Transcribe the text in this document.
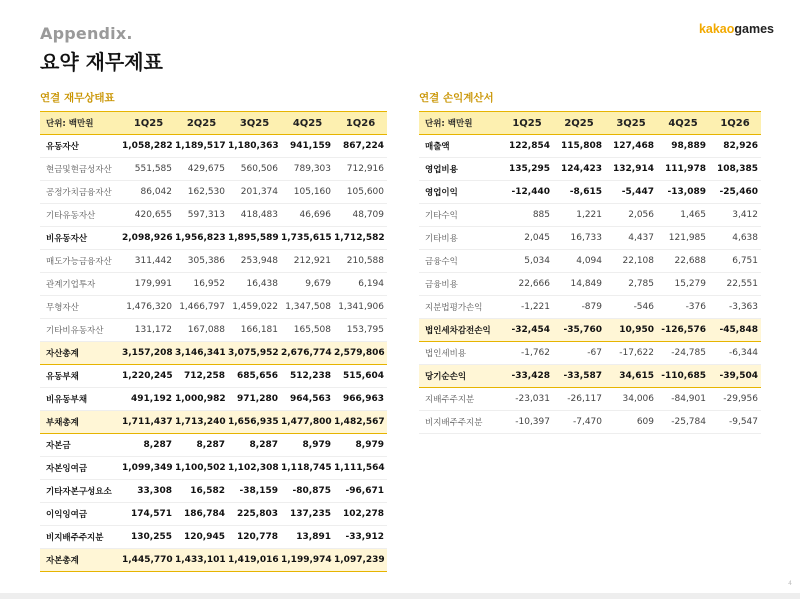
Appendix.
요약 재무제표
kakaogames
연결 재무상태표
단위: 백만원	1Q25	2Q25	3Q25	4Q25	1Q26
유동자산	1,058,282	1,189,517	1,180,363	941,159	867,224
현금및현금성자산	551,585	429,675	560,506	789,303	712,916
공정가치금융자산	86,042	162,530	201,374	105,160	105,600
기타유동자산	420,655	597,313	418,483	46,696	48,709
비유동자산	2,098,926	1,956,823	1,895,589	1,735,615	1,712,582
매도가능금융자산	311,442	305,386	253,948	212,921	210,588
관계기업투자	179,991	16,952	16,438	9,679	6,194
무형자산	1,476,320	1,466,797	1,459,022	1,347,508	1,341,906
기타비유동자산	131,172	167,088	166,181	165,508	153,795
자산총계	3,157,208	3,146,341	3,075,952	2,676,774	2,579,806
유동부채	1,220,245	712,258	685,656	512,238	515,604
비유동부채	491,192	1,000,982	971,280	964,563	966,963
부채총계	1,711,437	1,713,240	1,656,935	1,477,800	1,482,567
자본금	8,287	8,287	8,287	8,979	8,979
자본잉여금	1,099,349	1,100,502	1,102,308	1,118,745	1,111,564
기타자본구성요소	33,308	16,582	-38,159	-80,875	-96,671
이익잉여금	174,571	186,784	225,803	137,235	102,278
비지배주주지분	130,255	120,945	120,778	13,891	-33,912
자본총계	1,445,770	1,433,101	1,419,016	1,199,974	1,097,239
연결 손익계산서
단위: 백만원	1Q25	2Q25	3Q25	4Q25	1Q26
매출액	122,854	115,808	127,468	98,889	82,926
영업비용	135,295	124,423	132,914	111,978	108,385
영업이익	-12,440	-8,615	-5,447	-13,089	-25,460
기타수익	885	1,221	2,056	1,465	3,412
기타비용	2,045	16,733	4,437	121,985	4,638
금융수익	5,034	4,094	22,108	22,688	6,751
금융비용	22,666	14,849	2,785	15,279	22,551
지분법평가손익	-1,221	-879	-546	-376	-3,363
법인세차감전손익	-32,454	-35,760	10,950	-126,576	-45,848
법인세비용	-1,762	-67	-17,622	-24,785	-6,344
당기순손익	-33,428	-33,587	34,615	-110,685	-39,504
지배주주지분	-23,031	-26,117	34,006	-84,901	-29,956
비지배주주지분	-10,397	-7,470	609	-25,784	-9,547
4
